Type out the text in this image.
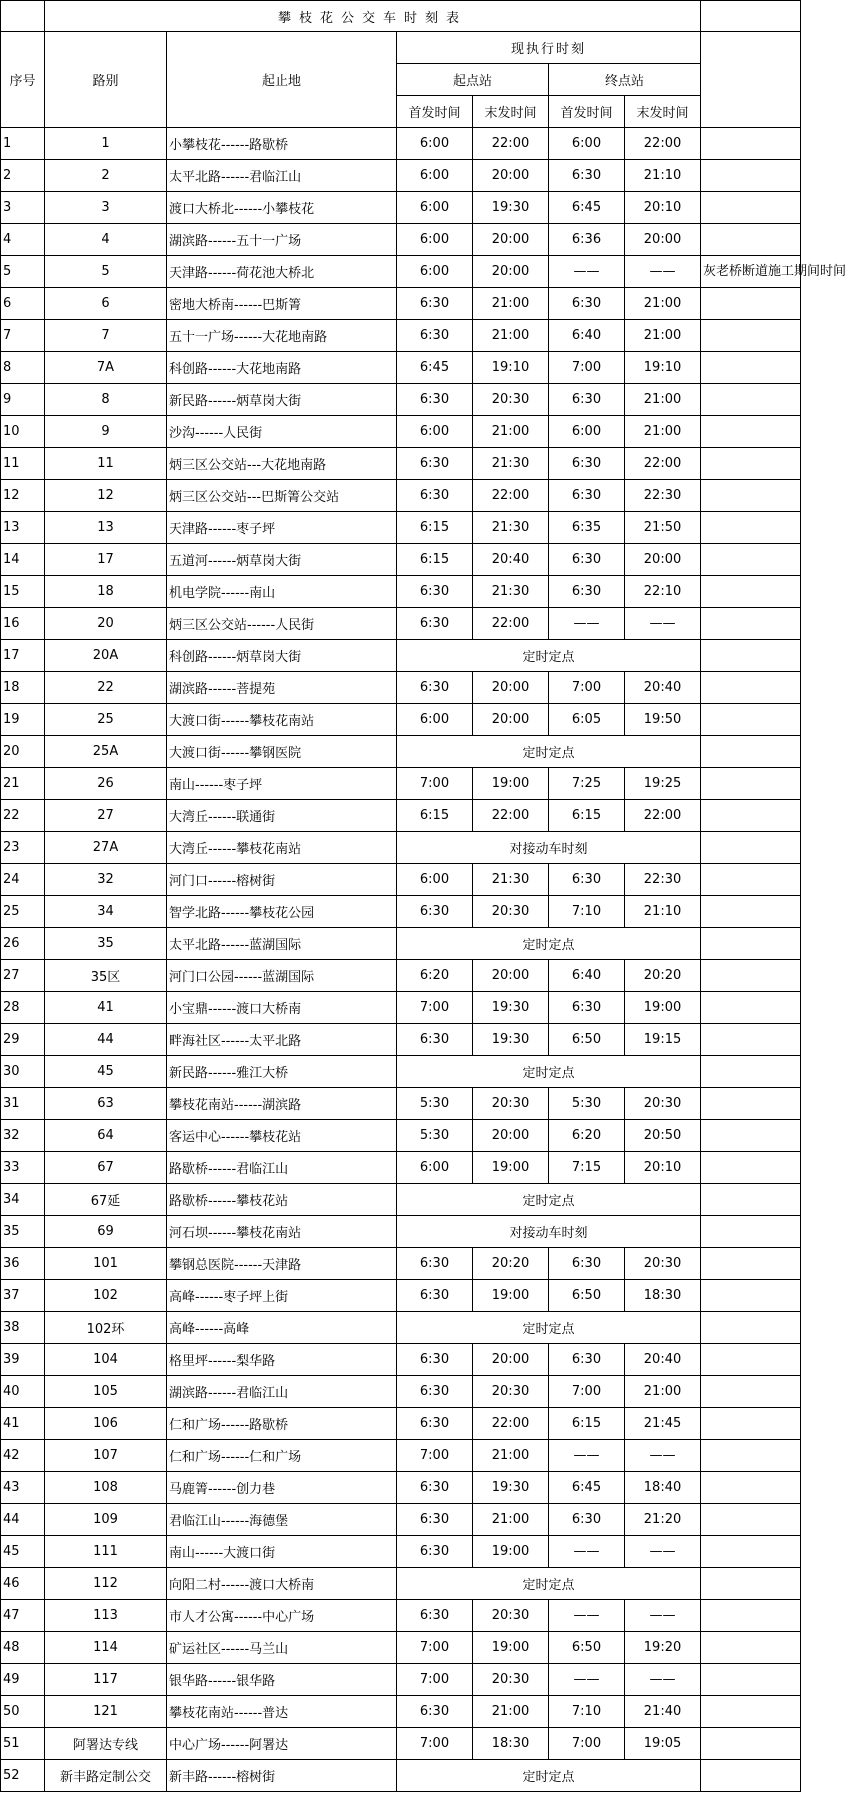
	攀枝花公交车时刻表						
序号	路别	起止地	现执行时刻				
			起点站		终点站		
			首发时间	末发时间	首发时间	末发时间	
1	1	小攀枝花------路歇桥	6:00	22:00	6:00	22:00	
2	2	太平北路------君临江山	6:00	20:00	6:30	21:10	
3	3	渡口大桥北------小攀枝花	6:00	19:30	6:45	20:10	
4	4	湖滨路------五十一广场	6:00	20:00	6:36	20:00	
5	5	天津路------荷花池大桥北	6:00	20:00	——	——	灰老桥断道施工期间时间
6	6	密地大桥南------巴斯箐	6:30	21:00	6:30	21:00	
7	7	五十一广场------大花地南路	6:30	21:00	6:40	21:00	
8	7A	科创路------大花地南路	6:45	19:10	7:00	19:10	
9	8	新民路------炳草岗大街	6:30	20:30	6:30	21:00	
10	9	沙沟------人民街	6:00	21:00	6:00	21:00	
11	11	炳三区公交站---大花地南路	6:30	21:30	6:30	22:00	
12	12	炳三区公交站---巴斯箐公交站	6:30	22:00	6:30	22:30	
13	13	天津路------枣子坪	6:15	21:30	6:35	21:50	
14	17	五道河------炳草岗大街	6:15	20:40	6:30	20:00	
15	18	机电学院------南山	6:30	21:30	6:30	22:10	
16	20	炳三区公交站------人民街	6:30	22:00	——	——	
17	20A	科创路------炳草岗大街	定时定点				
18	22	湖滨路------菩提苑	6:30	20:00	7:00	20:40	
19	25	大渡口街------攀枝花南站	6:00	20:00	6:05	19:50	
20	25A	大渡口街------攀钢医院	定时定点				
21	26	南山------枣子坪	7:00	19:00	7:25	19:25	
22	27	大湾丘------联通街	6:15	22:00	6:15	22:00	
23	27A	大湾丘------攀枝花南站	对接动车时刻				
24	32	河门口------榕树街	6:00	21:30	6:30	22:30	
25	34	智学北路------攀枝花公园	6:30	20:30	7:10	21:10	
26	35	太平北路------蓝湖国际	定时定点				
27	35区	河门口公园------蓝湖国际	6:20	20:00	6:40	20:20	
28	41	小宝鼎------渡口大桥南	7:00	19:30	6:30	19:00	
29	44	畔海社区------太平北路	6:30	19:30	6:50	19:15	
30	45	新民路------雅江大桥	定时定点				
31	63	攀枝花南站------湖滨路	5:30	20:30	5:30	20:30	
32	64	客运中心------攀枝花站	5:30	20:00	6:20	20:50	
33	67	路歇桥------君临江山	6:00	19:00	7:15	20:10	
34	67延	路歇桥------攀枝花站	定时定点				
35	69	河石坝------攀枝花南站	对接动车时刻				
36	101	攀钢总医院------天津路	6:30	20:20	6:30	20:30	
37	102	高峰------枣子坪上街	6:30	19:00	6:50	18:30	
38	102环	高峰------高峰	定时定点				
39	104	格里坪------梨华路	6:30	20:00	6:30	20:40	
40	105	湖滨路------君临江山	6:30	20:30	7:00	21:00	
41	106	仁和广场------路歇桥	6:30	22:00	6:15	21:45	
42	107	仁和广场------仁和广场	7:00	21:00	——	——	
43	108	马鹿箐------创力巷	6:30	19:30	6:45	18:40	
44	109	君临江山------海德堡	6:30	21:00	6:30	21:20	
45	111	南山------大渡口街	6:30	19:00	——	——	
46	112	向阳二村------渡口大桥南	定时定点				
47	113	市人才公寓------中心广场	6:30	20:30	——	——	
48	114	矿运社区------马兰山	7:00	19:00	6:50	19:20	
49	117	银华路------银华路	7:00	20:30	——	——	
50	121	攀枝花南站------普达	6:30	21:00	7:10	21:40	
51	阿署达专线	中心广场------阿署达	7:00	18:30	7:00	19:05	
52	新丰路定制公交	新丰路------榕树街	定时定点				
